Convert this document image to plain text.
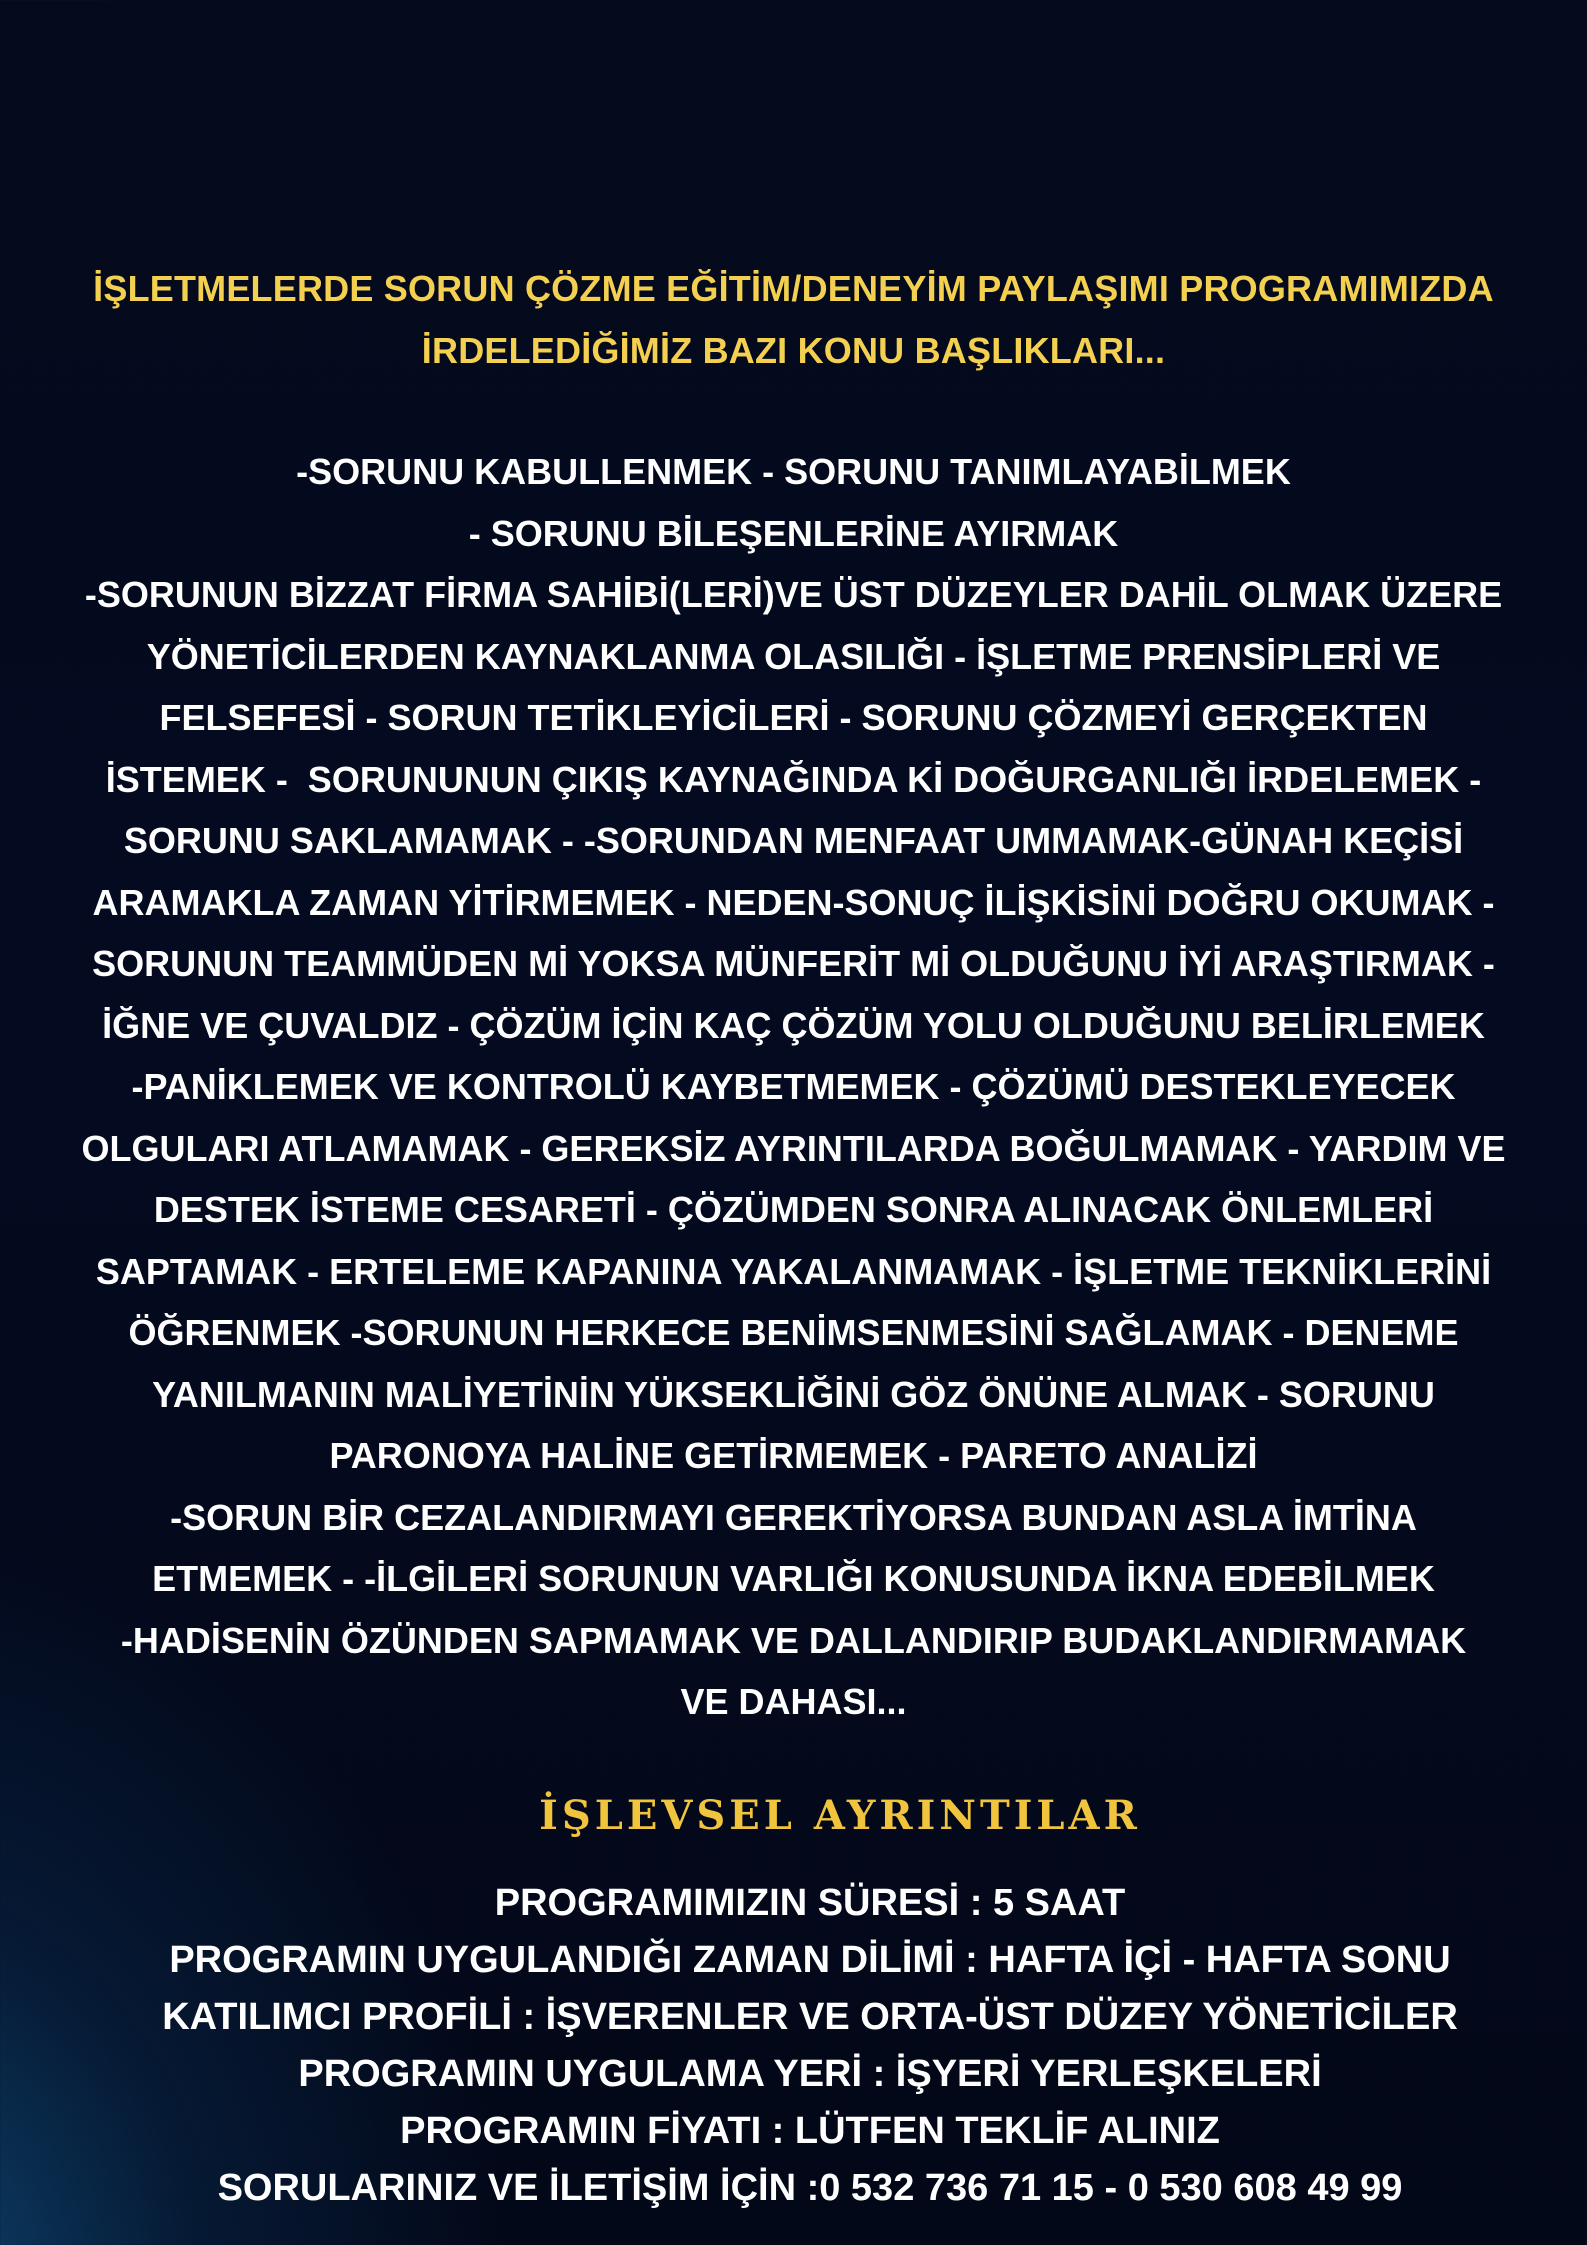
İŞLETMELERDE SORUN ÇÖZME EĞİTİM/DENEYİM PAYLAŞIMI PROGRAMIMIZDA
İRDELEDİĞİMİZ BAZI KONU BAŞLIKLARI...
-SORUNU KABULLENMEK - SORUNU TANIMLAYABİLMEK
- SORUNU BİLEŞENLERİNE AYIRMAK
-SORUNUN BİZZAT FİRMA SAHİBİ(LERİ)VE ÜST DÜZEYLER DAHİL OLMAK ÜZERE
YÖNETİCİLERDEN KAYNAKLANMA OLASILIĞI - İŞLETME PRENSİPLERİ VE
FELSEFESİ - SORUN TETİKLEYİCİLERİ - SORUNU ÇÖZMEYİ GERÇEKTEN
İSTEMEK -  SORUNUNUN ÇIKIŞ KAYNAĞINDA Kİ DOĞURGANLIĞI İRDELEMEK -
SORUNU SAKLAMAMAK - -SORUNDAN MENFAAT UMMAMAK-GÜNAH KEÇİSİ
ARAMAKLA ZAMAN YİTİRMEMEK - NEDEN-SONUÇ İLİŞKİSİNİ DOĞRU OKUMAK -
SORUNUN TEAMMÜDEN Mİ YOKSA MÜNFERİT Mİ OLDUĞUNU İYİ ARAŞTIRMAK -
İĞNE VE ÇUVALDIZ - ÇÖZÜM İÇİN KAÇ ÇÖZÜM YOLU OLDUĞUNU BELİRLEMEK
-PANİKLEMEK VE KONTROLÜ KAYBETMEMEK - ÇÖZÜMÜ DESTEKLEYECEK
OLGULARI ATLAMAMAK - GEREKSİZ AYRINTILARDA BOĞULMAMAK - YARDIM VE
DESTEK İSTEME CESARETİ - ÇÖZÜMDEN SONRA ALINACAK ÖNLEMLERİ
SAPTAMAK - ERTELEME KAPANINA YAKALANMAMAK - İŞLETME TEKNİKLERİNİ
ÖĞRENMEK -SORUNUN HERKECE BENİMSENMESİNİ SAĞLAMAK - DENEME
YANILMANIN MALİYETİNİN YÜKSEKLİĞİNİ GÖZ ÖNÜNE ALMAK - SORUNU
PARONOYA HALİNE GETİRMEMEK - PARETO ANALİZİ
-SORUN BİR CEZALANDIRMAYI GEREKTİYORSA BUNDAN ASLA İMTİNA
ETMEMEK - -İLGİLERİ SORUNUN VARLIĞI KONUSUNDA İKNA EDEBİLMEK
-HADİSENİN ÖZÜNDEN SAPMAMAK VE DALLANDIRIP BUDAKLANDIRMAMAK
VE DAHASI...
İŞLEVSEL AYRINTILAR
PROGRAMIMIZIN SÜRESİ : 5 SAAT
PROGRAMIN UYGULANDIĞI ZAMAN DİLİMİ : HAFTA İÇİ - HAFTA SONU
KATILIMCI PROFİLİ : İŞVERENLER VE ORTA-ÜST DÜZEY YÖNETİCİLER
PROGRAMIN UYGULAMA YERİ : İŞYERİ YERLEŞKELERİ
PROGRAMIN FİYATI : LÜTFEN TEKLİF ALINIZ
SORULARINIZ VE İLETİŞİM İÇİN :0 532 736 71 15 - 0 530 608 49 99
